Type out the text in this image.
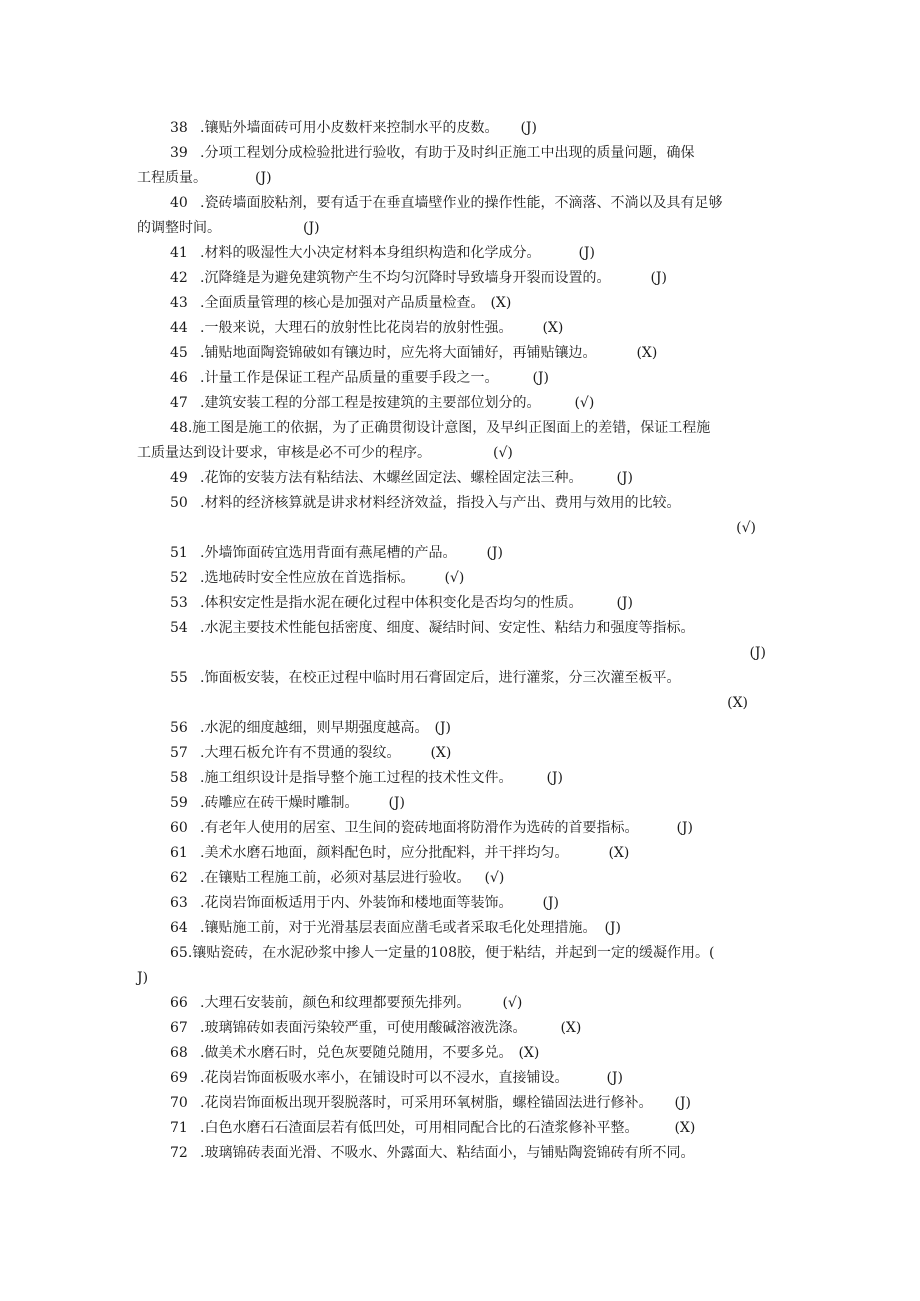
38 .镶贴外墙面砖可用小皮数杆来控制水平的皮数。 (J)
39 .分项工程划分成检验批进行验收，有助于及时纠正施工中出现的质量问题，确保
工程质量。	(J)
40 .瓷砖墙面胶粘剂，要有适于在垂直墙壁作业的操作性能，不滴落、不淌以及具有足够
的调整时间。	(J)
41 .材料的吸湿性大小决定材料本身组织构造和化学成分。	(J)
42 .沉降缝是为避免建筑物产生不均匀沉降时导致墙身开裂而设置的。	(J)
43 .全面质量管理的核心是加强对产品质量检查。 (X)
44 .一般来说，大理石的放射性比花岗岩的放射性强。 (X)
45 .铺贴地面陶瓷锦破如有镶边时，应先将大面铺好，再铺贴镶边。	(X)
46 .计量工作是保证工程产品质量的重要手段之一。 (J)
47 .建筑安装工程的分部工程是按建筑的主要部位划分的。 (√)
48.施工图是施工的依据，为了正确贯彻设计意图，及早纠正图面上的差错，保证工程施
工质量达到设计要求，审核是必不可少的程序。	(√)
49 .花饰的安装方法有粘结法、木螺丝固定法、螺栓固定法三种。 (J)
50 .材料的经济核算就是讲求材料经济效益，指投入与产出、费用与效用的比较。
(√)
51 .外墙饰面砖宜选用背面有燕尾槽的产品。 (J)
52 .选地砖时安全性应放在首选指标。 (√)
53 .体积安定性是指水泥在硬化过程中体积变化是否均匀的性质。 (J)
54 .水泥主要技术性能包括密度、细度、凝结时间、安定性、粘结力和强度等指标。
(J)
55 .饰面板安装，在校正过程中临时用石膏固定后，进行灌浆，分三次灌至板平。
(X)
56 .水泥的细度越细，则早期强度越高。 (J)
57 .大理石板允许有不贯通的裂纹。 (X)
58 .施工组织设计是指导整个施工过程的技术性文件。 (J)
59 .砖雕应在砖干燥时雕制。 (J)
60 .有老年人使用的居室、卫生间的瓷砖地面将防滑作为选砖的首要指标。	(J)
61 .美术水磨石地面，颜料配色时，应分批配料，并干拌均匀。	(X)
62 .在镶贴工程施工前，必须对基层进行验收。 (√)
63 .花岗岩饰面板适用于内、外装饰和楼地面等装饰。 (J)
64 .镶贴施工前，对于光滑基层表面应凿毛或者采取毛化处理措施。 (J)
65.镶贴瓷砖，在水泥砂浆中掺人一定量的108胶，便于粘结，并起到一定的缓凝作用。(
J)
66 .大理石安装前，颜色和纹理都要预先排列。 (√)
67 .玻璃锦砖如表面污染较严重，可使用酸碱溶液洗涤。 (X)
68 .做美术水磨石时，兑色灰要随兑随用，不要多兑。 (X)
69 .花岗岩饰面板吸水率小，在铺设时可以不浸水，直接铺设。	(J)
70 .花岗岩饰面板出现开裂脱落时，可采用环氧树脂，螺栓锚固法进行修补。 (J)
71 .白色水磨石石渣面层若有低凹处，可用相同配合比的石渣浆修补平整。	(X)
72 .玻璃锦砖表面光滑、不吸水、外露面大、粘结面小，与铺贴陶瓷锦砖有所不同。
